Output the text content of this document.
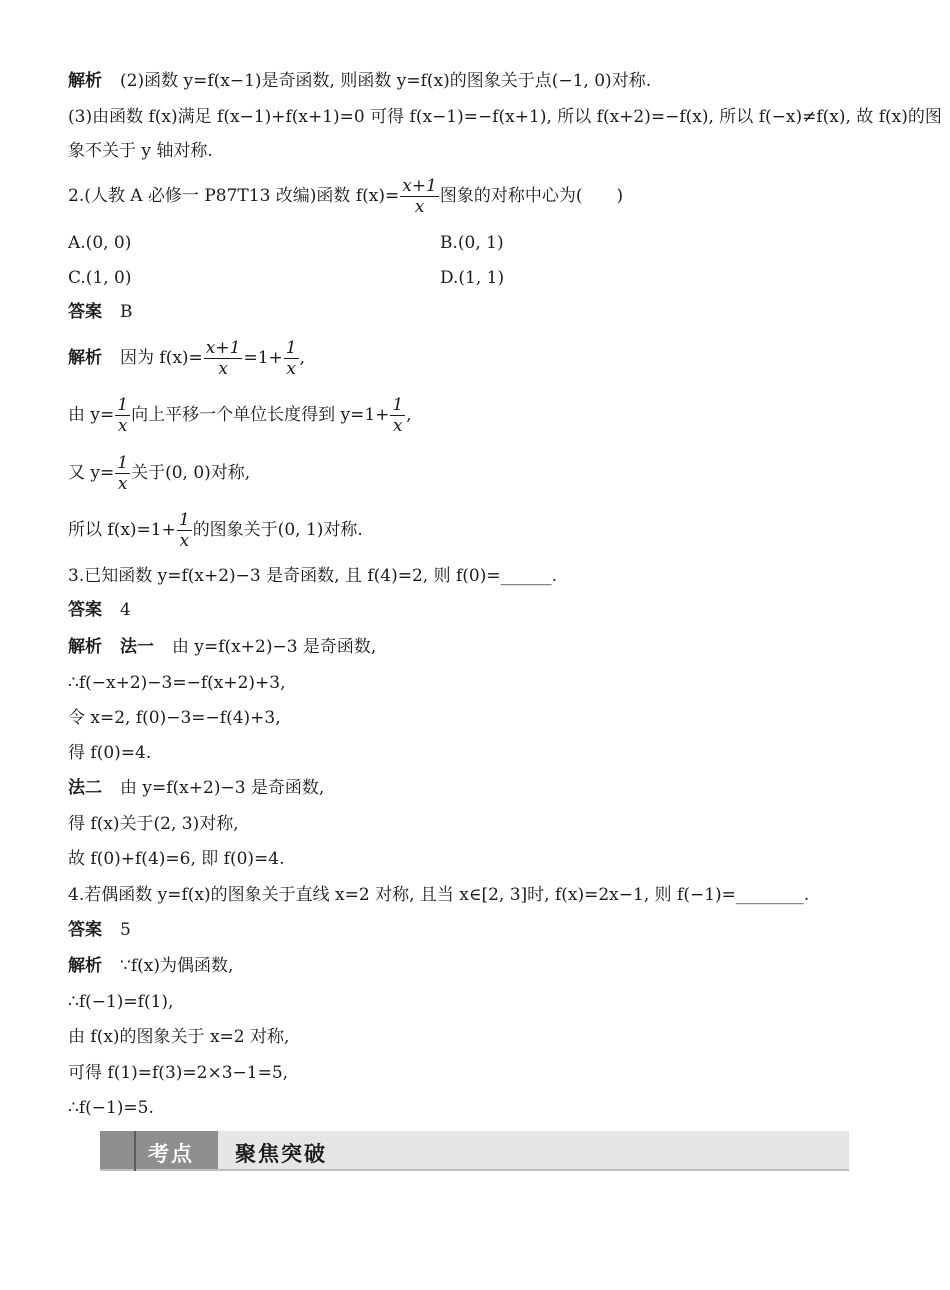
解析 (2)函数 y=f(x−1)是奇函数, 则函数 y=f(x)的图象关于点(−1, 0)对称.
(3)由函数 f(x)满足 f(x−1)+f(x+1)=0 可得 f(x−1)=−f(x+1), 所以 f(x+2)=−f(x), 所以 f(−x)≠f(x), 故 f(x)的图
象不关于 y 轴对称.
2.(人教 A 必修一 P87T13 改编)函数 $f(x)= \frac{x+1}{x}$ 图象的对称中心为(　　)
A.(0, 0)	B.(0, 1)
C.(1, 0)	D.(1, 1)
答案 B
解析 因为 $f(x)= \frac{x+1}{x} =1+ \frac{1}{x}$ ,
由 $y= \frac{1}{x}$ 向上平移一个单位长度得到 $y=1+ \frac{1}{x}$ ,
又 $y= \frac{1}{x}$ 关于(0, 0)对称,
所以 $f(x)=1+ \frac{1}{x}$ 的图象关于(0, 1)对称.
3.已知函数 y=f(x+2)−3 是奇函数, 且 f(4)=2, 则 f(0)=______.
答案 4
解析 法一 由 y=f(x+2)−3 是奇函数,
∴f(−x+2)−3=−f(x+2)+3,
令 x=2, f(0)−3=−f(4)+3,
得 f(0)=4.
法二 由 y=f(x+2)−3 是奇函数,
得 f(x)关于(2, 3)对称,
故 f(0)+f(4)=6, 即 f(0)=4.
4.若偶函数 y=f(x)的图象关于直线 x=2 对称, 且当 x∈[2, 3]时, f(x)=2x−1, 则 f(−1)=________.
答案 5
解析 ∵f(x)为偶函数,
∴f(−1)=f(1),
由 f(x)的图象关于 x=2 对称,
可得 f(1)=f(3)=2×3−1=5,
∴f(−1)=5.
考点 聚焦突破
